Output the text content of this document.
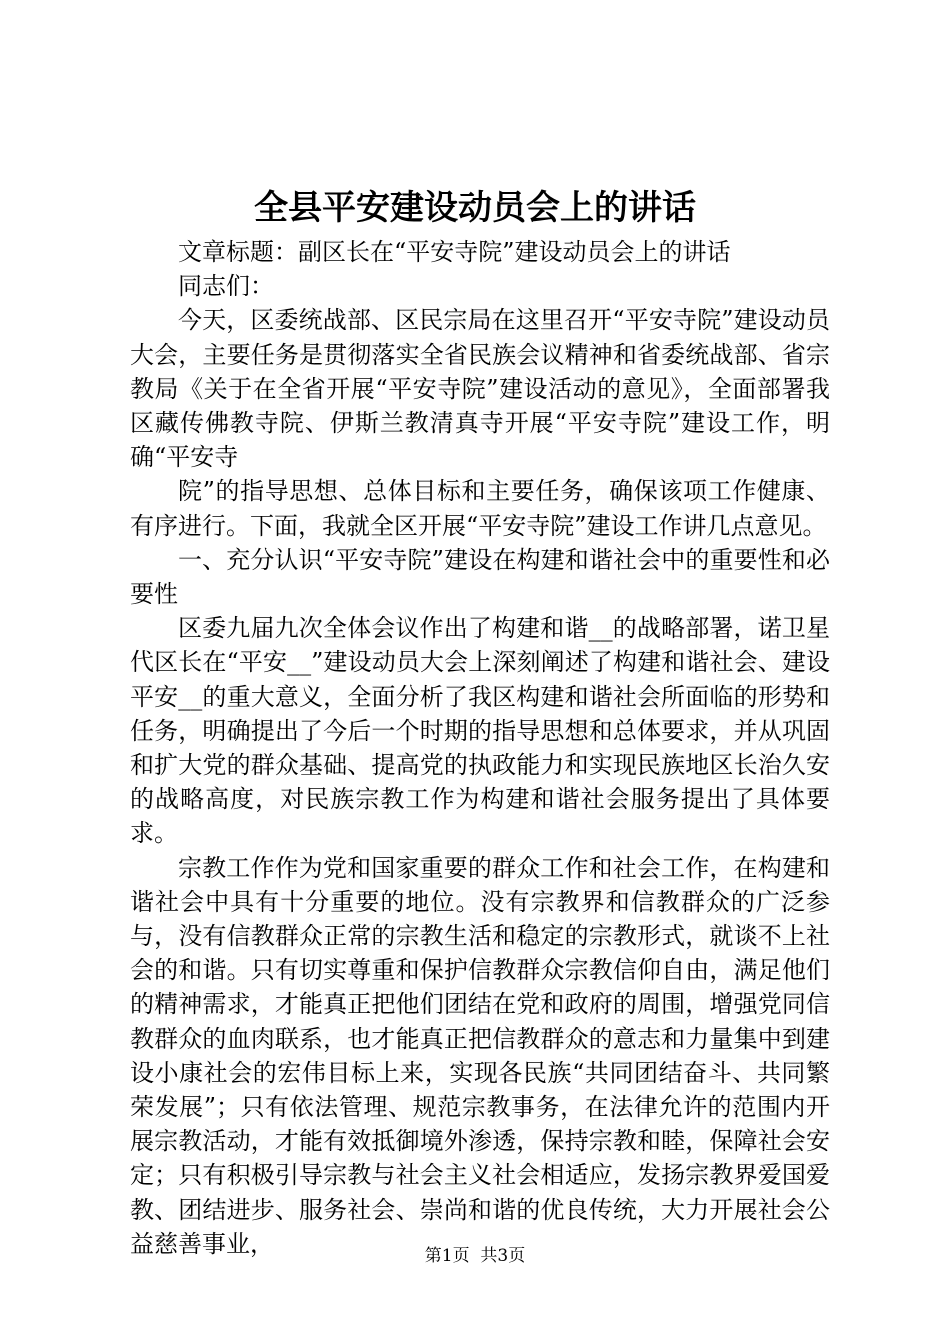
全县平安建设动员会上的讲话

文章标题：副区长在“平安寺院”建设动员会上的讲话

同志们：

今天，区委统战部、区民宗局在这里召开“平安寺院”建设动员大会，主要任务是贯彻落实全省民族会议精神和省委统战部、省宗教局《关于在全省开展“平安寺院”建设活动的意见》，全面部署我区藏传佛教寺院、伊斯兰教清真寺开展“平安寺院”建设工作，明确“平安寺

院”的指导思想、总体目标和主要任务，确保该项工作健康、有序进行。下面，我就全区开展“平安寺院”建设工作讲几点意见。

一、充分认识“平安寺院”建设在构建和谐社会中的重要性和必要性

区委九届九次全体会议作出了构建和谐__的战略部署，诺卫星代区长在“平安__”建设动员大会上深刻阐述了构建和谐社会、建设平安__的重大意义，全面分析了我区构建和谐社会所面临的形势和任务，明确提出了今后一个时期的指导思想和总体要求，并从巩固和扩大党的群众基础、提高党的执政能力和实现民族地区长治久安的战略高度，对民族宗教工作为构建和谐社会服务提出了具体要求。

宗教工作作为党和国家重要的群众工作和社会工作，在构建和谐社会中具有十分重要的地位。没有宗教界和信教群众的广泛参与，没有信教群众正常的宗教生活和稳定的宗教形式，就谈不上社会的和谐。只有切实尊重和保护信教群众宗教信仰自由，满足他们的精神需求，才能真正把他们团结在党和政府的周围，增强党同信教群众的血肉联系，也才能真正把信教群众的意志和力量集中到建设小康社会的宏伟目标上来，实现各民族“共同团结奋斗、共同繁荣发展”；只有依法管理、规范宗教事务，在法律允许的范围内开展宗教活动，才能有效抵御境外渗透，保持宗教和睦，保障社会安定；只有积极引导宗教与社会主义社会相适应，发扬宗教界爱国爱教、团结进步、服务社会、崇尚和谐的优良传统，大力开展社会公益慈善事业，	第1页  共3页
